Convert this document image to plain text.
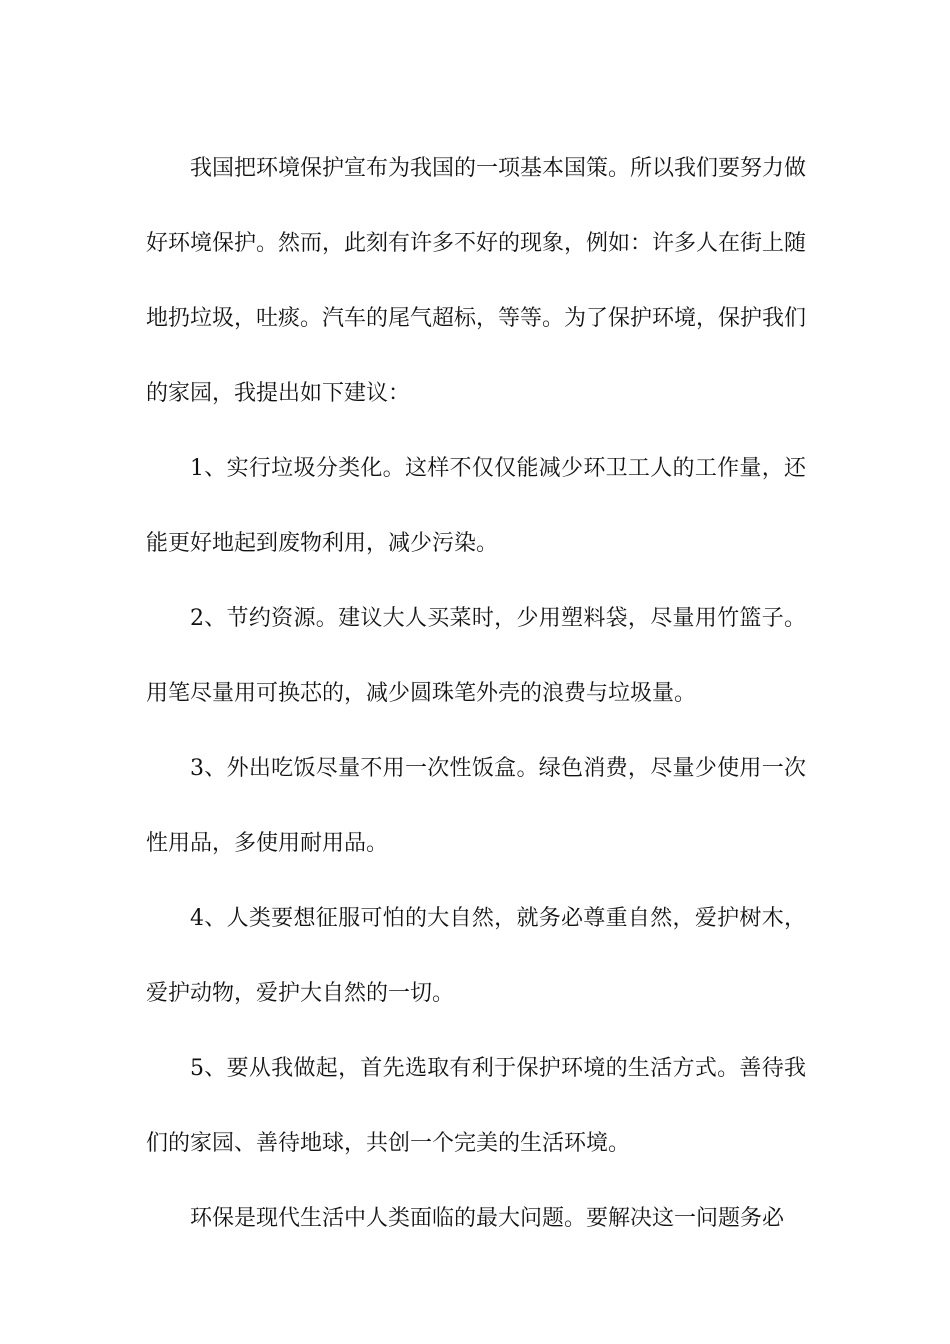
我国把环境保护宣布为我国的一项基本国策。所以我们要努力做好环境保护。然而，此刻有许多不好的现象，例如：许多人在街上随地扔垃圾，吐痰。汽车的尾气超标，等等。为了保护环境，保护我们的家园，我提出如下建议：

1、实行垃圾分类化。这样不仅仅能减少环卫工人的工作量，还能更好地起到废物利用，减少污染。

2、节约资源。建议大人买菜时，少用塑料袋，尽量用竹篮子。用笔尽量用可换芯的，减少圆珠笔外壳的浪费与垃圾量。

3、外出吃饭尽量不用一次性饭盒。绿色消费，尽量少使用一次性用品，多使用耐用品。

4、人类要想征服可怕的大自然，就务必尊重自然，爱护树木，爱护动物，爱护大自然的一切。

5、要从我做起，首先选取有利于保护环境的生活方式。善待我们的家园、善待地球，共创一个完美的生活环境。

环保是现代生活中人类面临的最大问题。要解决这一问题务必
